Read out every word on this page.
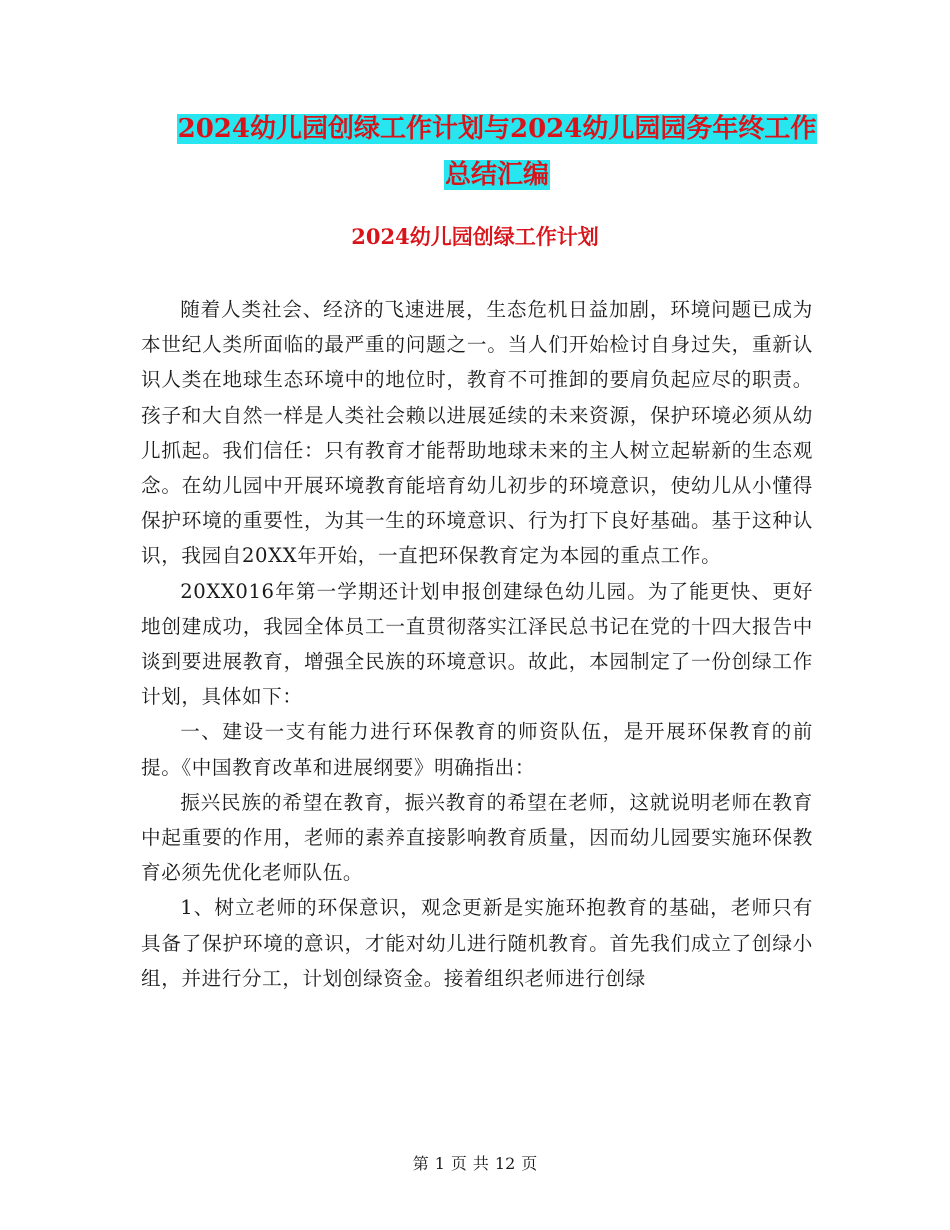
2024幼儿园创绿工作计划与2024幼儿园园务年终工作
总结汇编
2024幼儿园创绿工作计划

随着人类社会、经济的飞速进展，生态危机日益加剧，环境问题已成为本世纪人类所面临的最严重的问题之一。当人们开始检讨自身过失，重新认识人类在地球生态环境中的地位时，教育不可推卸的要肩负起应尽的职责。孩子和大自然一样是人类社会赖以进展延续的未来资源，保护环境必须从幼儿抓起。我们信任：只有教育才能帮助地球未来的主人树立起崭新的生态观念。在幼儿园中开展环境教育能培育幼儿初步的环境意识，使幼儿从小懂得保护环境的重要性，为其一生的环境意识、行为打下良好基础。基于这种认识，我园自20XX年开始，一直把环保教育定为本园的重点工作。

20XX016年第一学期还计划申报创建绿色幼儿园。为了能更快、更好地创建成功，我园全体员工一直贯彻落实江泽民总书记在党的十四大报告中谈到要进展教育，增强全民族的环境意识。故此，本园制定了一份创绿工作计划，具体如下：

一、建设一支有能力进行环保教育的师资队伍，是开展环保教育的前提。《中国教育改革和进展纲要》明确指出：

振兴民族的希望在教育，振兴教育的希望在老师，这就说明老师在教育中起重要的作用，老师的素养直接影响教育质量，因而幼儿园要实施环保教育必须先优化老师队伍。

1、树立老师的环保意识，观念更新是实施环抱教育的基础，老师只有具备了保护环境的意识，才能对幼儿进行随机教育。首先我们成立了创绿小组，并进行分工，计划创绿资金。接着组织老师进行创绿

第 1 页 共 12 页
